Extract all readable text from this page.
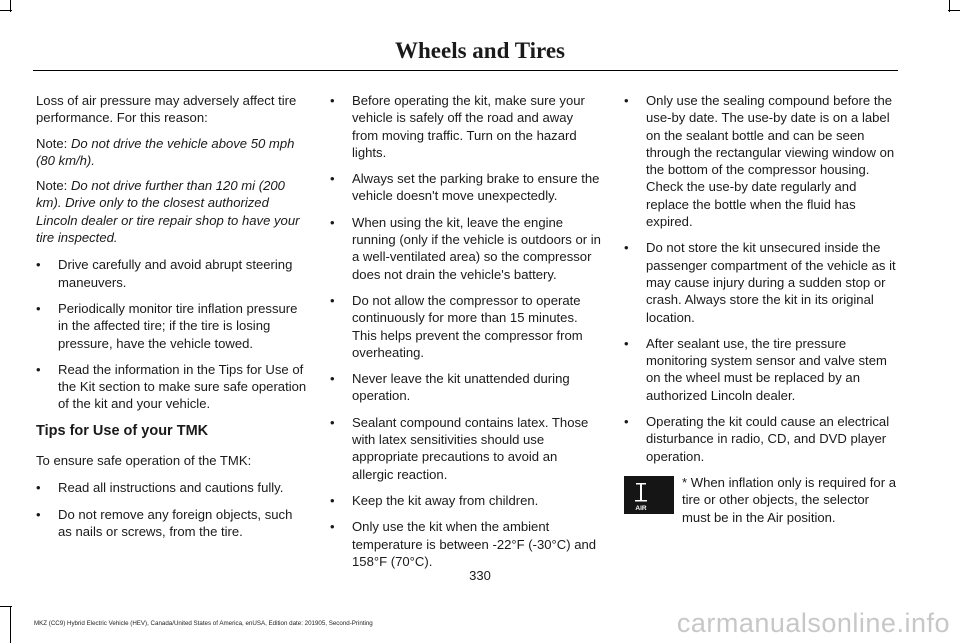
Wheels and Tires

Loss of air pressure may adversely affect tire performance. For this reason:

Note: Do not drive the vehicle above 50 mph (80 km/h).

Note: Do not drive further than 120 mi (200 km). Drive only to the closest authorized Lincoln dealer or tire repair shop to have your tire inspected.

• Drive carefully and avoid abrupt steering maneuvers.
• Periodically monitor tire inflation pressure in the affected tire; if the tire is losing pressure, have the vehicle towed.
• Read the information in the Tips for Use of the Kit section to make sure safe operation of the kit and your vehicle.
Tips for Use of your TMK

To ensure safe operation of the TMK:

• Read all instructions and cautions fully.
• Do not remove any foreign objects, such as nails or screws, from the tire.
• Before operating the kit, make sure your vehicle is safely off the road and away from moving traffic. Turn on the hazard lights.
• Always set the parking brake to ensure the vehicle doesn't move unexpectedly.
• When using the kit, leave the engine running (only if the vehicle is outdoors or in a well-ventilated area) so the compressor does not drain the vehicle's battery.
• Do not allow the compressor to operate continuously for more than 15 minutes. This helps prevent the compressor from overheating.
• Never leave the kit unattended during operation.
• Sealant compound contains latex. Those with latex sensitivities should use appropriate precautions to avoid an allergic reaction.
• Keep the kit away from children.
• Only use the kit when the ambient temperature is between -22°F (-30°C) and 158°F (70°C).
• Only use the sealing compound before the use-by date. The use-by date is on a label on the sealant bottle and can be seen through the rectangular viewing window on the bottom of the compressor housing. Check the use-by date regularly and replace the bottle when the fluid has expired.
• Do not store the kit unsecured inside the passenger compartment of the vehicle as it may cause injury during a sudden stop or crash. Always store the kit in its original location.
• After sealant use, the tire pressure monitoring system sensor and valve stem on the wheel must be replaced by an authorized Lincoln dealer.
• Operating the kit could cause an electrical disturbance in radio, CD, and DVD player operation.
AIR
* When inflation only is required for a tire or other objects, the selector must be in the Air position.
330
MKZ (CC9) Hybrid Electric Vehicle (HEV), Canada/United States of America, enUSA, Edition date: 201905, Second-Printing	carmanualsonline.info
